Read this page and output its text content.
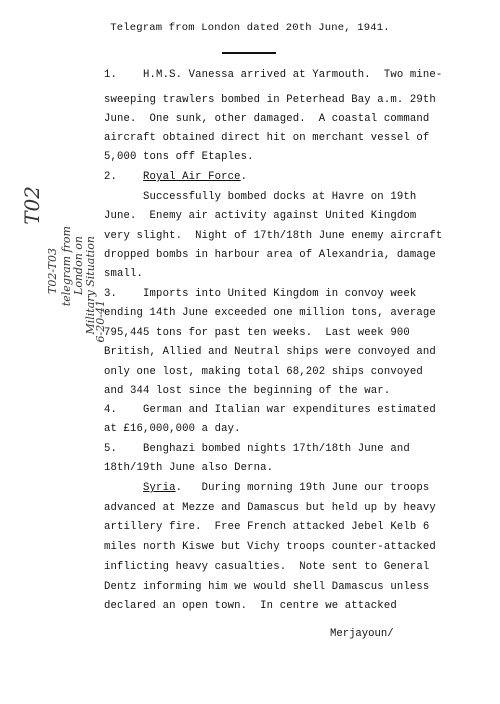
Telegram from London dated 20th June, 1941.
1.    H.M.S. Vanessa arrived at Yarmouth.  Two mine-
sweeping trawlers bombed in Peterhead Bay a.m. 29th
June.  One sunk, other damaged.  A coastal command
aircraft obtained direct hit on merchant vessel of
5,000 tons off Etaples.
2.    Royal Air Force.
Successfully bombed docks at Havre on 19th
June.  Enemy air activity against United Kingdom
very slight.  Night of 17th/18th June enemy aircraft
dropped bombs in harbour area of Alexandria, damage
small.
3.    Imports into United Kingdom in convoy week
ending 14th June exceeded one million tons, average
795,445 tons for past ten weeks.  Last week 900
British, Allied and Neutral ships were convoyed and
only one lost, making total 68,202 ships convoyed
and 344 lost since the beginning of the war.
4.    German and Italian war expenditures estimated
at £16,000,000 a day.
5.    Benghazi bombed nights 17th/18th June and
18th/19th June also Derna.
Syria.   During morning 19th June our troops
advanced at Mezze and Damascus but held up by heavy
artillery fire.  Free French attacked Jebel Kelb 6
miles north Kiswe but Vichy troops counter-attacked
inflicting heavy casualties.  Note sent to General
Dentz informing him we would shell Damascus unless
declared an open town.  In centre we attacked
Merjayoun/
T02
T02-T03 telegram from London on Military Situation
6-20-41
